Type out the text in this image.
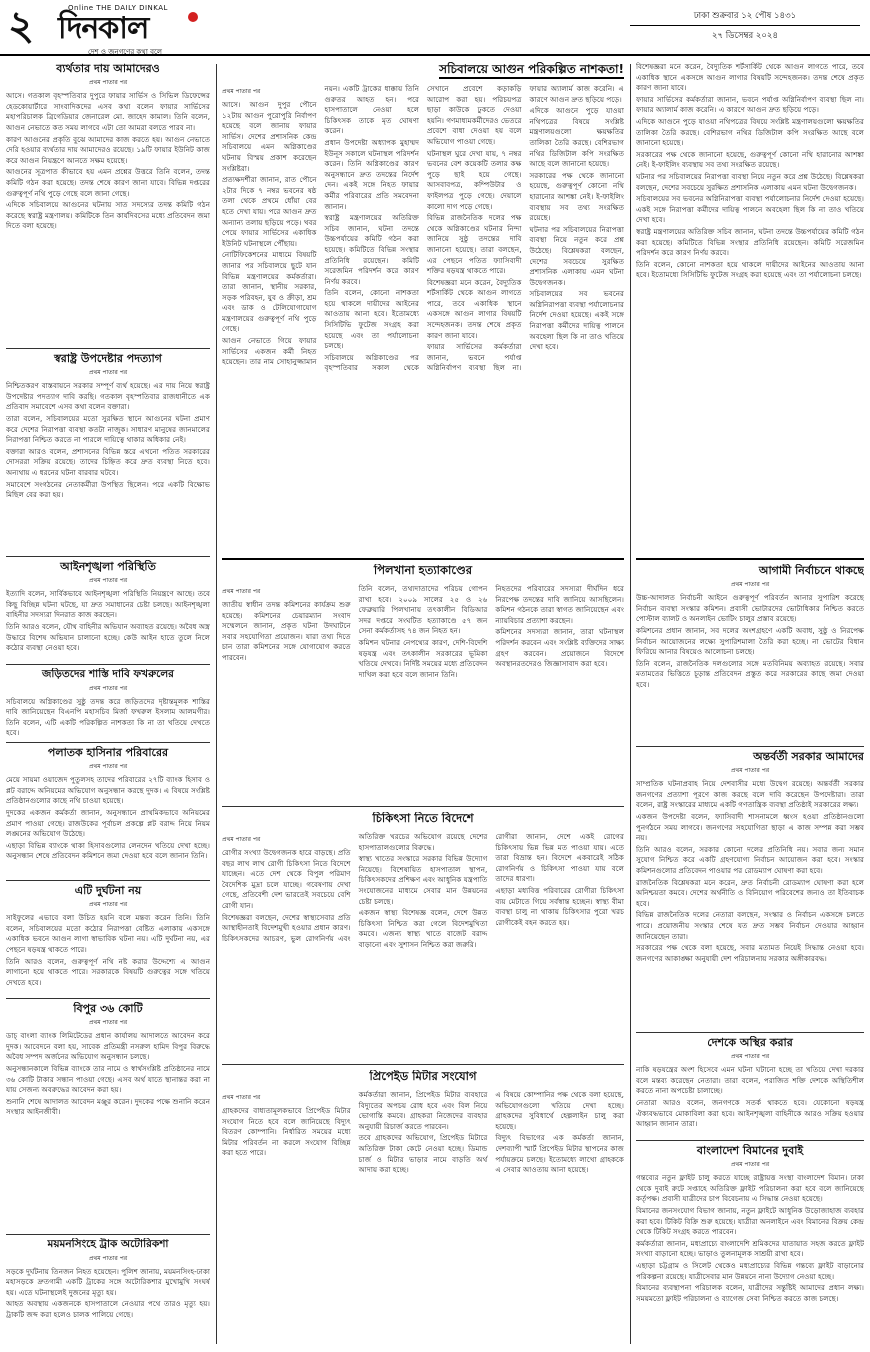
২	Online THE DAILY DINKAL
দিনকাল
দেশ ও জনগণের কথা বলে
ঢাকা শুক্রবার ১২ পৌষ ১৪৩১
২৭ ডিসেম্বর ২০২৪
ব্যর্থতার দায় আমাদেরও
প্রথম পাতার পর

আসে। গতকাল বৃহস্পতিবার দুপুরে ফায়ার সার্ভিস ও সিভিল ডিফেন্সের হেডকোয়ার্টারে সাংবাদিকদের এসব কথা বলেন ফায়ার সার্ভিসের মহাপরিচালক ব্রিগেডিয়ার জেনারেল মো. জাহেদ কামাল। তিনি বলেন, আগুন নেভাতে কত সময় লাগবে এটা তো আমরা বলতে পারব না।

কারণ আগুনের প্রকৃতি বুঝে আমাদের কাজ করতে হয়। আগুন নেভাতে দেরি হওয়ার ব্যর্থতার দায় আমাদেরও রয়েছে। ১৯টি ফায়ার ইউনিট কাজ করে আগুন নিয়ন্ত্রণে আনতে সক্ষম হয়েছে।

আগুনের সূত্রপাত কীভাবে হয় এমন প্রশ্নের উত্তরে তিনি বলেন, তদন্ত কমিটি গঠন করা হয়েছে। তদন্ত শেষে কারণ জানা যাবে। বিভিন্ন দপ্তরের গুরুত্বপূর্ণ নথি পুড়ে গেছে বলে জানা গেছে।

এদিকে সচিবালয়ে আগুনের ঘটনায় সাত সদস্যের তদন্ত কমিটি গঠন করেছে স্বরাষ্ট্র মন্ত্রণালয়। কমিটিকে তিন কার্যদিবসের মধ্যে প্রতিবেদন জমা দিতে বলা হয়েছে।

স্বরাষ্ট্র উপদেষ্টার পদত্যাগ
প্রথম পাতার পর

নিশ্চিতকরণ বাস্তবায়নে সরকার সম্পূর্ণ ব্যর্থ হয়েছে। এর দায় নিয়ে স্বরাষ্ট্র উপদেষ্টার পদত্যাগ দাবি করছি। গতকাল বৃহস্পতিবার রাজধানীতে এক প্রতিবাদ সমাবেশে এসব কথা বলেন বক্তারা।

তারা বলেন, সচিবালয়ের মতো সুরক্ষিত স্থানে আগুনের ঘটনা প্রমাণ করে দেশের নিরাপত্তা ব্যবস্থা কতটা নাজুক। সাধারণ মানুষের জানমালের নিরাপত্তা নিশ্চিত করতে না পারলে দায়িত্বে থাকার অধিকার নেই।

বক্তারা আরও বলেন, প্রশাসনের বিভিন্ন স্তরে এখনো পতিত সরকারের দোসররা সক্রিয় রয়েছে। তাদের চিহ্নিত করে দ্রুত ব্যবস্থা নিতে হবে। অন্যথায় এ ধরনের ঘটনা বারবার ঘটবে।

সমাবেশে সংগঠনের নেতাকর্মীরা উপস্থিত ছিলেন। পরে একটি বিক্ষোভ মিছিল বের করা হয়।

আইনশৃঙ্খলা পরিস্থিতি
প্রথম পাতার পর

ইত্যাদি বলেন, সার্বিকভাবে আইনশৃঙ্খলা পরিস্থিতি নিয়ন্ত্রণে আছে। তবে কিছু বিচ্ছিন্ন ঘটনা ঘটছে, যা দ্রুত সমাধানের চেষ্টা চলছে। আইনশৃঙ্খলা বাহিনীর সদস্যরা দিনরাত কাজ করছেন।

তিনি আরও বলেন, যৌথ বাহিনীর অভিযান অব্যাহত রয়েছে। অবৈধ অস্ত্র উদ্ধারে বিশেষ অভিযান চালানো হচ্ছে। কেউ আইন হাতে তুলে নিলে কঠোর ব্যবস্থা নেওয়া হবে।

জড়িতদের শাস্তি দাবি ফখরুলের
প্রথম পাতার পর

সচিবালয়ে অগ্নিকাণ্ডের সুষ্ঠু তদন্ত করে জড়িতদের দৃষ্টান্তমূলক শাস্তির দাবি জানিয়েছেন বিএনপি মহাসচিব মির্জা ফখরুল ইসলাম আলমগীর। তিনি বলেন, এটি একটি পরিকল্পিত নাশকতা কি না তা খতিয়ে দেখতে হবে।

পলাতক হাসিনার পরিবারের
প্রথম পাতার পর

মেয়ে সায়মা ওয়াজেদ পুতুলসহ তাদের পরিবারের ২৭টি ব্যাংক হিসাব ও প্লট বরাদ্দে অনিয়মের অভিযোগ অনুসন্ধান করছে দুদক। এ বিষয়ে সংশ্লিষ্ট প্রতিষ্ঠানগুলোর কাছে নথি চাওয়া হয়েছে।

দুদকের একজন কর্মকর্তা জানান, অনুসন্ধানে প্রাথমিকভাবে অনিয়মের প্রমাণ পাওয়া গেছে। রাজউকের পূর্বাচল প্রকল্পে প্লট বরাদ্দ নিয়ে নিয়ম লঙ্ঘনের অভিযোগ উঠেছে।

এছাড়া বিভিন্ন ব্যাংকে থাকা হিসাবগুলোর লেনদেন খতিয়ে দেখা হচ্ছে। অনুসন্ধান শেষে প্রতিবেদন কমিশনে জমা দেওয়া হবে বলে জানান তিনি।

এটি দুর্ঘটনা নয়
প্রথম পাতার পর

সাইফুলের এভাবে বলা উচিত হয়নি বলে মন্তব্য করেন তিনি। তিনি বলেন, সচিবালয়ের মতো কঠোর নিরাপত্তা বেষ্টিত এলাকায় একসঙ্গে একাধিক ভবনে আগুন লাগা স্বাভাবিক ঘটনা নয়। এটি দুর্ঘটনা নয়, এর পেছনে ষড়যন্ত্র থাকতে পারে।

তিনি আরও বলেন, গুরুত্বপূর্ণ নথি নষ্ট করার উদ্দেশ্যে এ আগুন লাগানো হয়ে থাকতে পারে। সরকারকে বিষয়টি গুরুত্বের সঙ্গে খতিয়ে দেখতে হবে।

বিপুর ৩৬ কোটি
প্রথম পাতার পর

ডাচ্ বাংলা ব্যাংক লিমিটেডের প্রধান কার্যালয় আদালতে আবেদন করে দুদক। আবেদনে বলা হয়, সাবেক প্রতিমন্ত্রী নসরুল হামিদ বিপুর বিরুদ্ধে অবৈধ সম্পদ অর্জনের অভিযোগ অনুসন্ধান চলছে।

অনুসন্ধানকালে বিভিন্ন ব্যাংকে তার নামে ও স্বার্থসংশ্লিষ্ট প্রতিষ্ঠানের নামে ৩৬ কোটি টাকার সন্ধান পাওয়া গেছে। এসব অর্থ যাতে স্থানান্তর করা না যায় সেজন্য অবরুদ্ধের আবেদন করা হয়।

শুনানি শেষে আদালত আবেদন মঞ্জুর করেন। দুদকের পক্ষে শুনানি করেন সংস্থার আইনজীবী।

ময়মনসিংহে ট্রাক অটোরিকশা
প্রথম পাতার পর

সড়কে দুর্ঘটনায় তিনজন নিহত হয়েছেন। পুলিশ জানায়, ময়মনসিংহ-ঢাকা মহাসড়কে দ্রুতগামী একটি ট্রাকের সঙ্গে অটোরিকশার মুখোমুখি সংঘর্ষ হয়। এতে ঘটনাস্থলেই দুজনের মৃত্যু হয়।

আহত অবস্থায় একজনকে হাসপাতালে নেওয়ার পথে তারও মৃত্যু হয়। ট্রাকটি জব্দ করা হলেও চালক পালিয়ে গেছে।

সচিবালয়ে আগুন পরিকল্পিত নাশকতা!
প্রথম পাতার পর

আসে। আগুন দুপুর পৌনে ১২টায় আগুন পুরোপুরি নির্বাপণ হয়েছে বলে জানায় ফায়ার সার্ভিস। দেশের প্রশাসনিক কেন্দ্র সচিবালয়ে এমন অগ্নিকাণ্ডের ঘটনায় বিস্ময় প্রকাশ করেছেন সংশ্লিষ্টরা।

প্রত্যক্ষদর্শীরা জানান, রাত পৌনে ২টার দিকে ৭ নম্বর ভবনের ষষ্ঠ তলা থেকে প্রথমে ধোঁয়া বের হতে দেখা যায়। পরে আগুন দ্রুত অন্যান্য তলায় ছড়িয়ে পড়ে। খবর পেয়ে ফায়ার সার্ভিসের একাধিক ইউনিট ঘটনাস্থলে পৌঁছায়।

নোটিফিকেশনের মাধ্যমে বিষয়টি জানার পর সচিবালয়ে ছুটে যান বিভিন্ন মন্ত্রণালয়ের কর্মকর্তারা। তারা জানান, স্থানীয় সরকার, সড়ক পরিবহন, যুব ও ক্রীড়া, শ্রম এবং ডাক ও টেলিযোগাযোগ মন্ত্রণালয়ের গুরুত্বপূর্ণ নথি পুড়ে গেছে।

আগুন নেভাতে গিয়ে ফায়ার সার্ভিসের একজন কর্মী নিহত হয়েছেন। তার নাম সোহানুজ্জামান নয়ন। একটি ট্রাকের ধাক্কায় তিনি গুরুতর আহত হন। পরে হাসপাতালে নেওয়া হলে চিকিৎসক তাকে মৃত ঘোষণা করেন।

প্রধান উপদেষ্টা অধ্যাপক মুহাম্মদ ইউনূস সকালে ঘটনাস্থল পরিদর্শন করেন। তিনি অগ্নিকাণ্ডের কারণ অনুসন্ধানে দ্রুত তদন্তের নির্দেশ দেন। একই সঙ্গে নিহত ফায়ার কর্মীর পরিবারের প্রতি সমবেদনা জানান।

স্বরাষ্ট্র মন্ত্রণালয়ের অতিরিক্ত সচিব জানান, ঘটনা তদন্তে উচ্চপর্যায়ের কমিটি গঠন করা হয়েছে। কমিটিতে বিভিন্ন সংস্থার প্রতিনিধি রয়েছেন। কমিটি সরেজমিন পরিদর্শন করে কারণ নির্ণয় করবে।

তিনি বলেন, কোনো নাশকতা হয়ে থাকলে দায়ীদের আইনের আওতায় আনা হবে। ইতোমধ্যে সিসিটিভি ফুটেজ সংগ্রহ করা হয়েছে এবং তা পর্যালোচনা চলছে।

সচিবালয়ে অগ্নিকাণ্ডের পর বৃহস্পতিবার সকাল থেকে সেখানে প্রবেশে কড়াকড়ি আরোপ করা হয়। পরিচয়পত্র ছাড়া কাউকে ঢুকতে দেওয়া হয়নি। গণমাধ্যমকর্মীদেরও ভেতরে প্রবেশে বাধা দেওয়া হয় বলে অভিযোগ পাওয়া গেছে।

ঘটনাস্থল ঘুরে দেখা যায়, ৭ নম্বর ভবনের বেশ কয়েকটি তলার কক্ষ পুড়ে ছাই হয়ে গেছে। আসবাবপত্র, কম্পিউটার ও ফাইলপত্র পুড়ে গেছে। দেয়ালে কালো দাগ পড়ে গেছে।

বিভিন্ন রাজনৈতিক দলের পক্ষ থেকে অগ্নিকাণ্ডের ঘটনার নিন্দা জানিয়ে সুষ্ঠু তদন্তের দাবি জানানো হয়েছে। তারা বলছেন, এর পেছনে পতিত ফ্যাসিবাদী শক্তির ষড়যন্ত্র থাকতে পারে।

বিশেষজ্ঞরা মনে করেন, বৈদ্যুতিক শর্টসার্কিট থেকে আগুন লাগতে পারে, তবে একাধিক স্থানে একসঙ্গে আগুন লাগার বিষয়টি সন্দেহজনক। তদন্ত শেষে প্রকৃত কারণ জানা যাবে।

ফায়ার সার্ভিসের কর্মকর্তারা জানান, ভবনে পর্যাপ্ত অগ্নিনির্বাপণ ব্যবস্থা ছিল না। ফায়ার অ্যালার্ম কাজ করেনি। এ কারণে আগুন দ্রুত ছড়িয়ে পড়ে।

এদিকে আগুনে পুড়ে যাওয়া নথিপত্রের বিষয়ে সংশ্লিষ্ট মন্ত্রণালয়গুলো ক্ষয়ক্ষতির তালিকা তৈরি করছে। বেশিরভাগ নথির ডিজিটাল কপি সংরক্ষিত আছে বলে জানানো হয়েছে।

সরকারের পক্ষ থেকে জানানো হয়েছে, গুরুত্বপূর্ণ কোনো নথি হারানোর আশঙ্কা নেই। ই-ফাইলিং ব্যবস্থায় সব তথ্য সংরক্ষিত রয়েছে।

ঘটনার পর সচিবালয়ের নিরাপত্তা ব্যবস্থা নিয়ে নতুন করে প্রশ্ন উঠেছে। বিশ্লেষকরা বলছেন, দেশের সবচেয়ে সুরক্ষিত প্রশাসনিক এলাকায় এমন ঘটনা উদ্বেগজনক।

সচিবালয়ের সব ভবনের অগ্নিনিরাপত্তা ব্যবস্থা পর্যালোচনার নির্দেশ দেওয়া হয়েছে। একই সঙ্গে নিরাপত্তা কর্মীদের দায়িত্ব পালনে অবহেলা ছিল কি না তাও খতিয়ে দেখা হবে।

পিলখানা হত্যাকাণ্ডের
প্রথম পাতার পর

জাতীয় স্বাধীন তদন্ত কমিশনের কার্যক্রম শুরু হয়েছে। কমিশনের চেয়ারম্যান সংবাদ সম্মেলনে জানান, প্রকৃত ঘটনা উদঘাটনে সবার সহযোগিতা প্রয়োজন। যারা তথ্য দিতে চান তারা কমিশনের সঙ্গে যোগাযোগ করতে পারবেন।

তিনি বলেন, তথ্যদাতাদের পরিচয় গোপন রাখা হবে। ২০০৯ সালের ২৫ ও ২৬ ফেব্রুয়ারি পিলখানায় তৎকালীন বিডিআর সদর দপ্তরে সংঘটিত হত্যাকাণ্ডে ৫৭ জন সেনা কর্মকর্তাসহ ৭৪ জন নিহত হন।

কমিশন ঘটনার নেপথ্যের কারণ, দেশি-বিদেশি ষড়যন্ত্র এবং তৎকালীন সরকারের ভূমিকা খতিয়ে দেখবে। নির্দিষ্ট সময়ের মধ্যে প্রতিবেদন দাখিল করা হবে বলে জানান তিনি।

নিহতদের পরিবারের সদস্যরা দীর্ঘদিন ধরে নিরপেক্ষ তদন্তের দাবি জানিয়ে আসছিলেন। কমিশন গঠনকে তারা স্বাগত জানিয়েছেন এবং ন্যায়বিচার প্রত্যাশা করছেন।

কমিশনের সদস্যরা জানান, তারা ঘটনাস্থল পরিদর্শন করবেন এবং সংশ্লিষ্ট ব্যক্তিদের সাক্ষ্য গ্রহণ করবেন। প্রয়োজনে বিদেশে অবস্থানরতদেরও জিজ্ঞাসাবাদ করা হবে।

চিকিৎসা নিতে বিদেশে
প্রথম পাতার পর

রোগীর সংখ্যা উদ্বেগজনক হারে বাড়ছে। প্রতি বছর লাখ লাখ রোগী চিকিৎসা নিতে বিদেশে যাচ্ছেন। এতে দেশ থেকে বিপুল পরিমাণ বৈদেশিক মুদ্রা চলে যাচ্ছে। গবেষণায় দেখা গেছে, প্রতিবেশী দেশ ভারতেই সবচেয়ে বেশি রোগী যান।

বিশেষজ্ঞরা বলছেন, দেশের স্বাস্থ্যসেবার প্রতি আস্থাহীনতাই বিদেশমুখী হওয়ার প্রধান কারণ। চিকিৎসকদের আচরণ, ভুল রোগনির্ণয় এবং অতিরিক্ত খরচের অভিযোগ রয়েছে দেশের হাসপাতালগুলোর বিরুদ্ধে।

স্বাস্থ্য খাতের সংস্কারে সরকার বিভিন্ন উদ্যোগ নিয়েছে। বিশেষায়িত হাসপাতাল স্থাপন, চিকিৎসকদের প্রশিক্ষণ এবং আধুনিক যন্ত্রপাতি সংযোজনের মাধ্যমে সেবার মান উন্নয়নের চেষ্টা চলছে।

একজন স্বাস্থ্য বিশেষজ্ঞ বলেন, দেশে উন্নত চিকিৎসা নিশ্চিত করা গেলে বিদেশমুখিতা কমবে। এজন্য স্বাস্থ্য খাতে বাজেট বরাদ্দ বাড়ানো এবং সুশাসন নিশ্চিত করা জরুরি।

রোগীরা জানান, দেশে একই রোগের চিকিৎসায় ভিন্ন ভিন্ন মত পাওয়া যায়। এতে তারা বিভ্রান্ত হন। বিদেশে একবারেই সঠিক রোগনির্ণয় ও চিকিৎসা পাওয়া যায় বলে তাদের ধারণা।

এছাড়া মধ্যবিত্ত পরিবারের রোগীরা চিকিৎসা ব্যয় মেটাতে গিয়ে সর্বস্বান্ত হচ্ছেন। স্বাস্থ্য বীমা ব্যবস্থা চালু না থাকায় চিকিৎসার পুরো খরচ রোগীকেই বহন করতে হয়।

প্রিপেইড মিটার সংযোগ
প্রথম পাতার পর

গ্রাহকদের বাধ্যতামূলকভাবে প্রিপেইড মিটার সংযোগ নিতে হবে বলে জানিয়েছে বিদ্যুৎ বিতরণ কোম্পানি। নির্ধারিত সময়ের মধ্যে মিটার পরিবর্তন না করলে সংযোগ বিচ্ছিন্ন করা হতে পারে।

কর্মকর্তারা জানান, প্রিপেইড মিটার ব্যবহারে বিদ্যুতের অপচয় রোধ হবে এবং বিল নিয়ে ভোগান্তি কমবে। গ্রাহকরা নিজেদের ব্যবহার অনুযায়ী রিচার্জ করতে পারবেন।

তবে গ্রাহকদের অভিযোগ, প্রিপেইড মিটারে অতিরিক্ত টাকা কেটে নেওয়া হচ্ছে। ডিমান্ড চার্জ ও মিটার ভাড়ার নামে বাড়তি অর্থ আদায় করা হচ্ছে।

এ বিষয়ে কোম্পানির পক্ষ থেকে বলা হয়েছে, অভিযোগগুলো খতিয়ে দেখা হচ্ছে। গ্রাহকদের সুবিধার্থে হেল্পলাইন চালু করা হয়েছে।

বিদ্যুৎ বিভাগের এক কর্মকর্তা জানান, দেশব্যাপী স্মার্ট প্রিপেইড মিটার স্থাপনের কাজ পর্যায়ক্রমে চলছে। ইতোমধ্যে লাখো গ্রাহককে এ সেবার আওতায় আনা হয়েছে।

বিশেষজ্ঞরা মনে করেন, বৈদ্যুতিক শর্টসার্কিট থেকে আগুন লাগতে পারে, তবে একাধিক স্থানে একসঙ্গে আগুন লাগার বিষয়টি সন্দেহজনক। তদন্ত শেষে প্রকৃত কারণ জানা যাবে।

ফায়ার সার্ভিসের কর্মকর্তারা জানান, ভবনে পর্যাপ্ত অগ্নিনির্বাপণ ব্যবস্থা ছিল না। ফায়ার অ্যালার্ম কাজ করেনি। এ কারণে আগুন দ্রুত ছড়িয়ে পড়ে।

এদিকে আগুনে পুড়ে যাওয়া নথিপত্রের বিষয়ে সংশ্লিষ্ট মন্ত্রণালয়গুলো ক্ষয়ক্ষতির তালিকা তৈরি করছে। বেশিরভাগ নথির ডিজিটাল কপি সংরক্ষিত আছে বলে জানানো হয়েছে।

সরকারের পক্ষ থেকে জানানো হয়েছে, গুরুত্বপূর্ণ কোনো নথি হারানোর আশঙ্কা নেই। ই-ফাইলিং ব্যবস্থায় সব তথ্য সংরক্ষিত রয়েছে।

ঘটনার পর সচিবালয়ের নিরাপত্তা ব্যবস্থা নিয়ে নতুন করে প্রশ্ন উঠেছে। বিশ্লেষকরা বলছেন, দেশের সবচেয়ে সুরক্ষিত প্রশাসনিক এলাকায় এমন ঘটনা উদ্বেগজনক।

সচিবালয়ের সব ভবনের অগ্নিনিরাপত্তা ব্যবস্থা পর্যালোচনার নির্দেশ দেওয়া হয়েছে। একই সঙ্গে নিরাপত্তা কর্মীদের দায়িত্ব পালনে অবহেলা ছিল কি না তাও খতিয়ে দেখা হবে।

স্বরাষ্ট্র মন্ত্রণালয়ের অতিরিক্ত সচিব জানান, ঘটনা তদন্তে উচ্চপর্যায়ের কমিটি গঠন করা হয়েছে। কমিটিতে বিভিন্ন সংস্থার প্রতিনিধি রয়েছেন। কমিটি সরেজমিন পরিদর্শন করে কারণ নির্ণয় করবে।

তিনি বলেন, কোনো নাশকতা হয়ে থাকলে দায়ীদের আইনের আওতায় আনা হবে। ইতোমধ্যে সিসিটিভি ফুটেজ সংগ্রহ করা হয়েছে এবং তা পর্যালোচনা চলছে।

আগামী নির্বাচনে থাকছে
প্রথম পাতার পর

উচ্চ-আদালত নির্বাচনী আইনে গুরুত্বপূর্ণ পরিবর্তন আনার সুপারিশ করেছে নির্বাচন ব্যবস্থা সংস্কার কমিশন। প্রবাসী ভোটারদের ভোটাধিকার নিশ্চিত করতে পোস্টাল ব্যালট ও অনলাইন ভোটিং চালুর প্রস্তাব রয়েছে।

কমিশনের প্রধান জানান, সব দলের অংশগ্রহণে একটি অবাধ, সুষ্ঠু ও নিরপেক্ষ নির্বাচন আয়োজনের লক্ষ্যে সুপারিশমালা তৈরি করা হচ্ছে। না ভোটের বিধান ফিরিয়ে আনার বিষয়েও আলোচনা চলছে।

তিনি বলেন, রাজনৈতিক দলগুলোর সঙ্গে মতবিনিময় অব্যাহত রয়েছে। সবার মতামতের ভিত্তিতে চূড়ান্ত প্রতিবেদন প্রস্তুত করে সরকারের কাছে জমা দেওয়া হবে।

অন্তর্বর্তী সরকার আমাদের
প্রথম পাতার পর

সাম্প্রতিক ঘটনাপ্রবাহ নিয়ে দেশবাসীর মধ্যে উদ্বেগ রয়েছে। অন্তর্বর্তী সরকার জনগণের প্রত্যাশা পূরণে কাজ করছে বলে দাবি করেছেন উপদেষ্টারা। তারা বলেন, রাষ্ট্র সংস্কারের মাধ্যমে একটি গণতান্ত্রিক ব্যবস্থা প্রতিষ্ঠাই সরকারের লক্ষ্য।

একজন উপদেষ্টা বলেন, ফ্যাসিবাদী শাসনামলে ধ্বংস হওয়া প্রতিষ্ঠানগুলো পুনর্গঠনে সময় লাগবে। জনগণের সহযোগিতা ছাড়া এ কাজ সম্পন্ন করা সম্ভব নয়।

তিনি আরও বলেন, সরকার কোনো দলের প্রতিনিধি নয়। সবার জন্য সমান সুযোগ নিশ্চিত করে একটি গ্রহণযোগ্য নির্বাচন আয়োজন করা হবে। সংস্কার কমিশনগুলোর প্রতিবেদন পাওয়ার পর রোডম্যাপ ঘোষণা করা হবে।

রাজনৈতিক বিশ্লেষকরা মনে করেন, দ্রুত নির্বাচনী রোডম্যাপ ঘোষণা করা হলে অনিশ্চয়তা কমবে। দেশের অর্থনীতি ও বিনিয়োগ পরিবেশের জন্যও তা ইতিবাচক হবে।

বিভিন্ন রাজনৈতিক দলের নেতারা বলছেন, সংস্কার ও নির্বাচন একসঙ্গে চলতে পারে। প্রয়োজনীয় সংস্কার শেষে যত দ্রুত সম্ভব নির্বাচন দেওয়ার আহ্বান জানিয়েছেন তারা।

সরকারের পক্ষ থেকে বলা হয়েছে, সবার মতামত নিয়েই সিদ্ধান্ত নেওয়া হবে। জনগণের আকাঙ্ক্ষা অনুযায়ী দেশ পরিচালনায় সরকার অঙ্গীকারবদ্ধ।

দেশকে অস্থির করার
প্রথম পাতার পর

নাকি ষড়যন্ত্রের অংশ হিসেবে এমন ঘটনা ঘটানো হচ্ছে তা খতিয়ে দেখা দরকার বলে মন্তব্য করেছেন নেতারা। তারা বলেন, পরাজিত শক্তি দেশকে অস্থিতিশীল করতে নানা অপচেষ্টা চালাচ্ছে।

নেতারা আরও বলেন, জনগণকে সতর্ক থাকতে হবে। যেকোনো ষড়যন্ত্র ঐক্যবদ্ধভাবে মোকাবিলা করা হবে। আইনশৃঙ্খলা বাহিনীকে আরও সক্রিয় হওয়ার আহ্বান জানান তারা।

বাংলাদেশ বিমানের দুবাই
প্রথম পাতার পর

গন্তব্যের নতুন ফ্লাইট চালু করতে যাচ্ছে রাষ্ট্রায়ত্ত সংস্থা বাংলাদেশ বিমান। ঢাকা থেকে দুবাই রুটে সপ্তাহে অতিরিক্ত ফ্লাইট পরিচালনা করা হবে বলে জানিয়েছে কর্তৃপক্ষ। প্রবাসী যাত্রীদের চাপ বিবেচনায় এ সিদ্ধান্ত নেওয়া হয়েছে।

বিমানের জনসংযোগ বিভাগ জানায়, নতুন ফ্লাইটে আধুনিক উড়োজাহাজ ব্যবহার করা হবে। টিকিট বিক্রি শুরু হয়েছে। যাত্রীরা অনলাইনে এবং বিমানের বিক্রয় কেন্দ্র থেকে টিকিট সংগ্রহ করতে পারবেন।

কর্মকর্তারা জানান, মধ্যপ্রাচ্যে বাংলাদেশি শ্রমিকদের যাতায়াত সহজ করতে ফ্লাইট সংখ্যা বাড়ানো হচ্ছে। ভাড়াও তুলনামূলক সাশ্রয়ী রাখা হবে।

এছাড়া চট্টগ্রাম ও সিলেট থেকেও মধ্যপ্রাচ্যের বিভিন্ন গন্তব্যে ফ্লাইট বাড়ানোর পরিকল্পনা রয়েছে। যাত্রীসেবার মান উন্নয়নে নানা উদ্যোগ নেওয়া হচ্ছে।

বিমানের ব্যবস্থাপনা পরিচালক বলেন, যাত্রীদের সন্তুষ্টিই আমাদের প্রধান লক্ষ্য। সময়মতো ফ্লাইট পরিচালনা ও ব্যাগেজ সেবা নিশ্চিত করতে কাজ চলছে।
